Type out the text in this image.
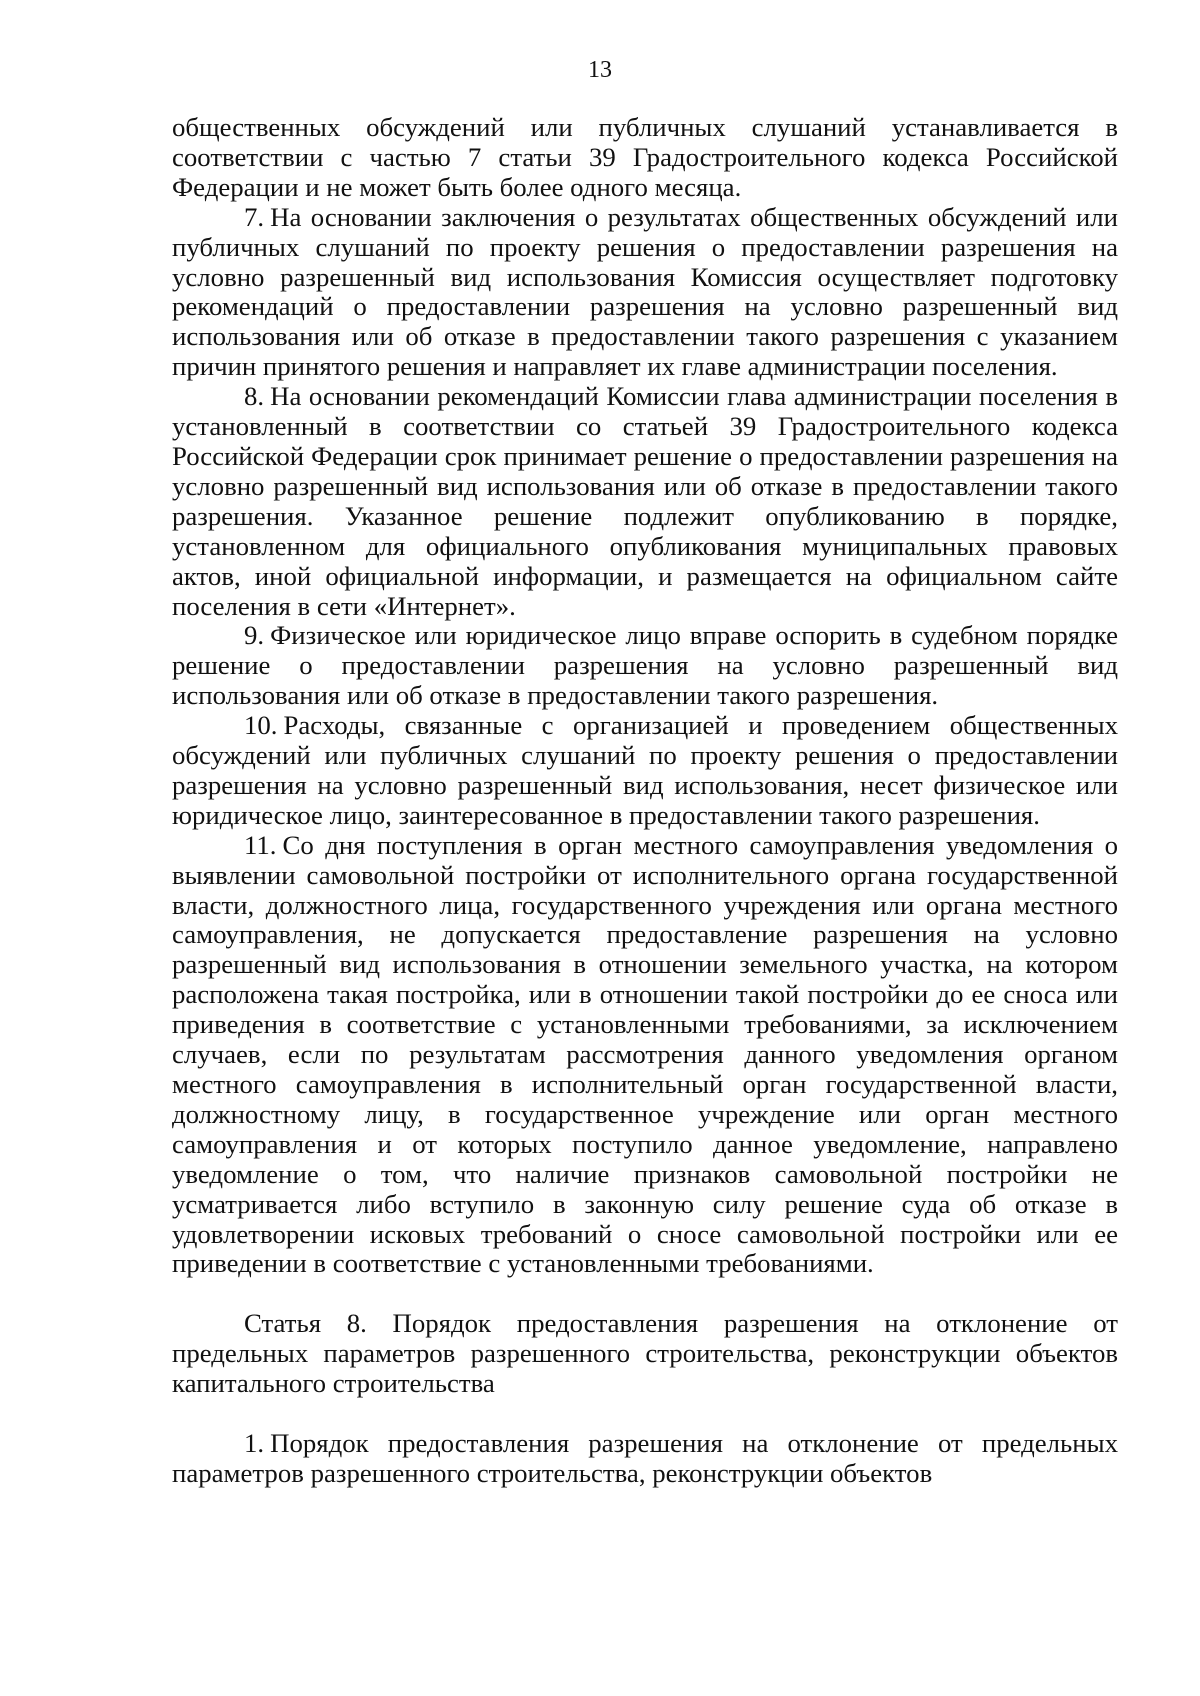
13

общественных обсуждений или публичных слушаний устанавливается в соответствии с частью 7 статьи 39 Градостроительного кодекса Российской Федерации и не может быть более одного месяца.

7. На основании заключения о результатах общественных обсуждений или публичных слушаний по проекту решения о предоставлении разрешения на условно разрешенный вид использования Комиссия осуществляет подготовку рекомендаций о предоставлении разрешения на условно разрешенный вид использования или об отказе в предоставлении такого разрешения с указанием причин принятого решения и направляет их главе администрации поселения.

8. На основании рекомендаций Комиссии глава администрации поселения в установленный в соответствии со статьей 39 Градостроительного кодекса Российской Федерации срок принимает решение о предоставлении разрешения на условно разрешенный вид использования или об отказе в предоставлении такого разрешения. Указанное решение подлежит опубликованию в порядке, установленном для официального опубликования муниципальных правовых актов, иной официальной информации, и размещается на официальном сайте поселения в сети «Интернет».

9. Физическое или юридическое лицо вправе оспорить в судебном порядке решение о предоставлении разрешения на условно разрешенный вид использования или об отказе в предоставлении такого разрешения.

10. Расходы, связанные с организацией и проведением общественных обсуждений или публичных слушаний по проекту решения о предоставлении разрешения на условно разрешенный вид использования, несет физическое или юридическое лицо, заинтересованное в предоставлении такого разрешения.

11. Со дня поступления в орган местного самоуправления уведомления о выявлении самовольной постройки от исполнительного органа государственной власти, должностного лица, государственного учреждения или органа местного самоуправления, не допускается предоставление разрешения на условно разрешенный вид использования в отношении земельного участка, на котором расположена такая постройка, или в отношении такой постройки до ее сноса или приведения в соответствие с установленными требованиями, за исключением случаев, если по результатам рассмотрения данного уведомления органом местного самоуправления в исполнительный орган государственной власти, должностному лицу, в государственное учреждение или орган местного самоуправления и от которых поступило данное уведомление, направлено уведомление о том, что наличие признаков самовольной постройки не усматривается либо вступило в законную силу решение суда об отказе в удовлетворении исковых требований о сносе самовольной постройки или ее приведении в соответствие с установленными требованиями.

Статья 8. Порядок предоставления разрешения на отклонение от предельных параметров разрешенного строительства, реконструкции объектов капитального строительства

1. Порядок предоставления разрешения на отклонение от предельных параметров разрешенного строительства, реконструкции объектов
